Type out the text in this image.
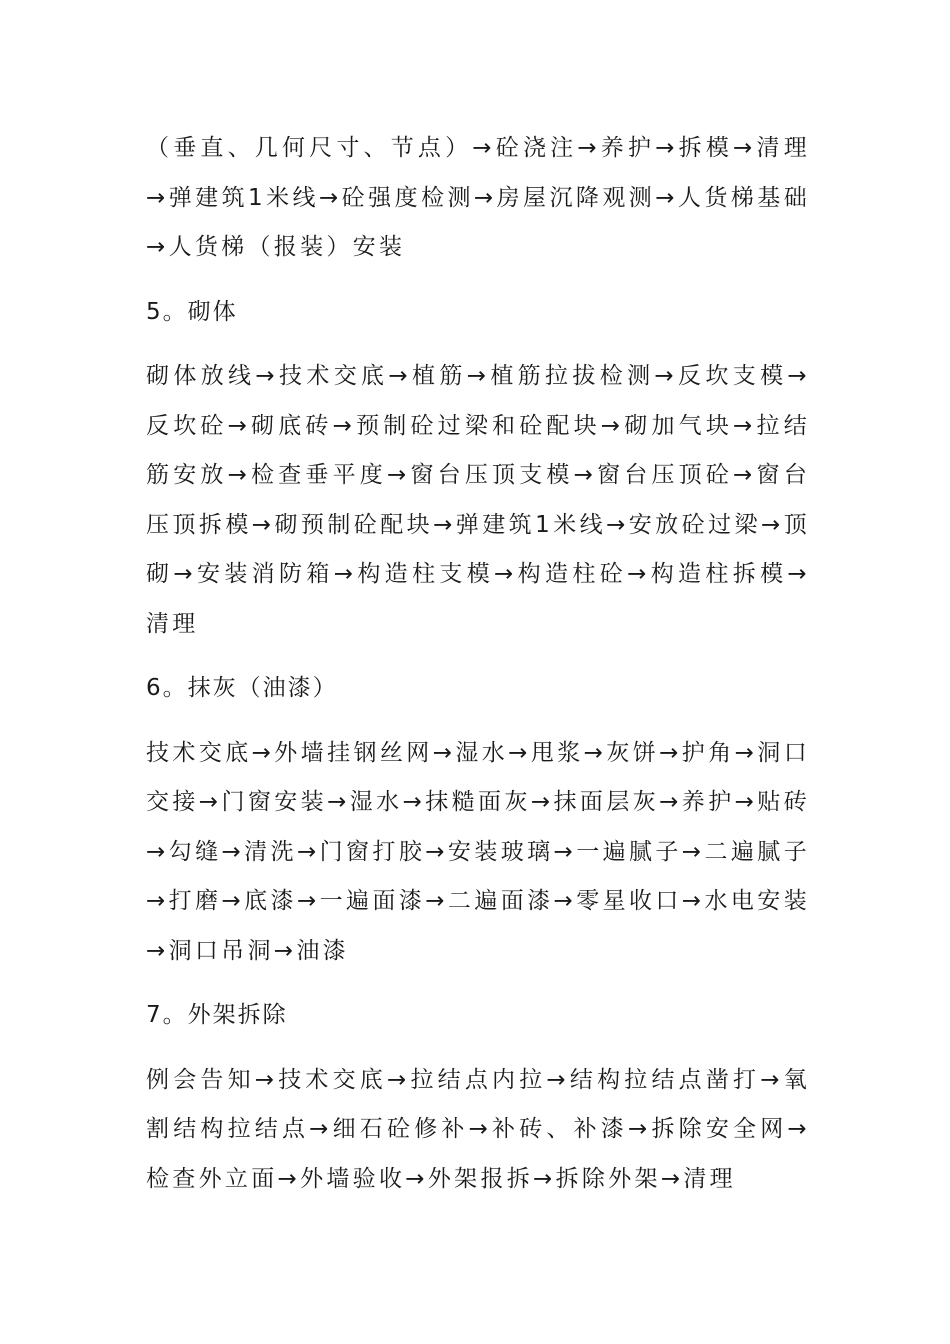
（垂直、几何尺寸、节点）→砼浇注→养护→拆模→清理→弹建筑1米线→砼强度检测→房屋沉降观测→人货梯基础→人货梯（报装）安装

5。砌体

砌体放线→技术交底→植筋→植筋拉拔检测→反坎支模→反坎砼→砌底砖→预制砼过梁和砼配块→砌加气块→拉结筋安放→检查垂平度→窗台压顶支模→窗台压顶砼→窗台压顶拆模→砌预制砼配块→弹建筑1米线→安放砼过梁→顶砌→安装消防箱→构造柱支模→构造柱砼→构造柱拆模→清理

6。抹灰（油漆）

技术交底→外墙挂钢丝网→湿水→甩浆→灰饼→护角→洞口交接→门窗安装→湿水→抹糙面灰→抹面层灰→养护→贴砖→勾缝→清洗→门窗打胶→安装玻璃→一遍腻子→二遍腻子→打磨→底漆→一遍面漆→二遍面漆→零星收口→水电安装→洞口吊洞→油漆

7。外架拆除

例会告知→技术交底→拉结点内拉→结构拉结点凿打→氧割结构拉结点→细石砼修补→补砖、补漆→拆除安全网→检查外立面→外墙验收→外架报拆→拆除外架→清理
